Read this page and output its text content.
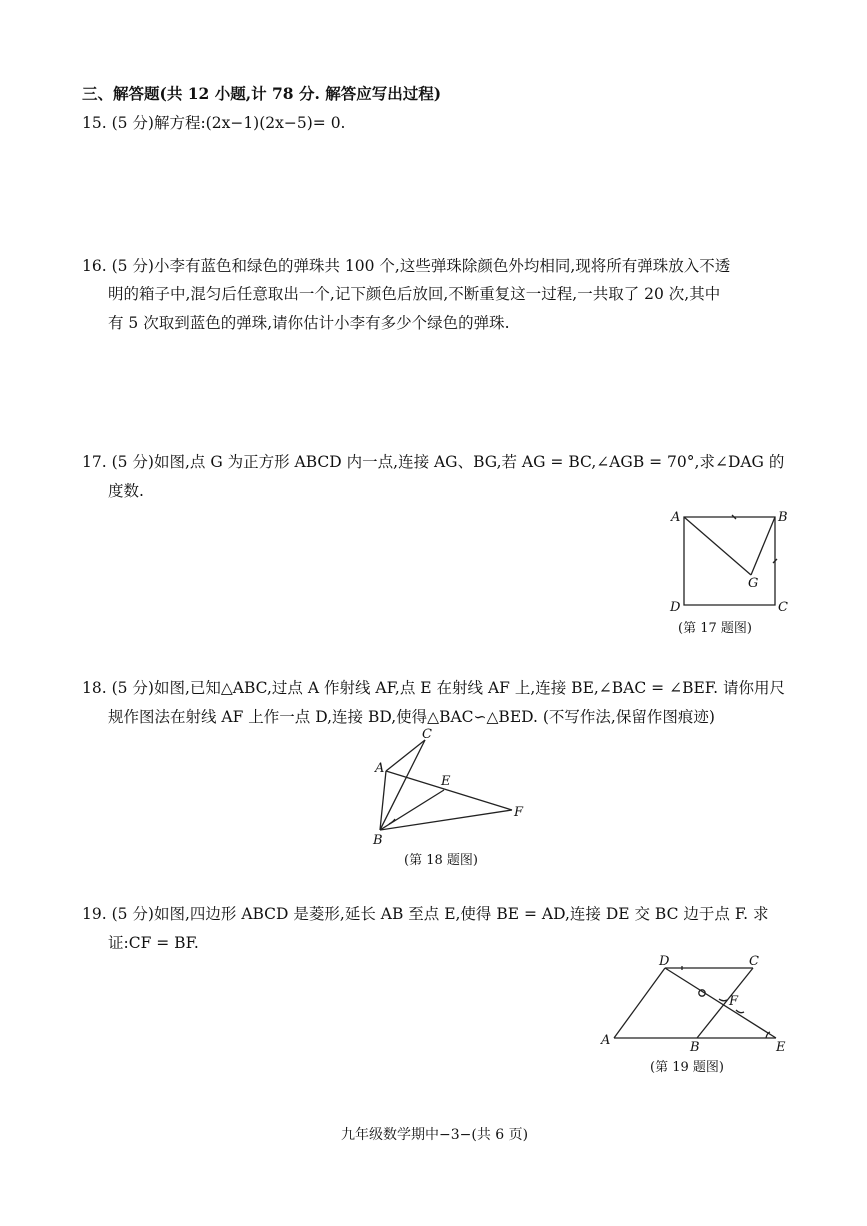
三、解答题(共 12 小题,计 78 分. 解答应写出过程)
15. (5 分)解方程:(2x−1)(2x−5)= 0.
16. (5 分)小李有蓝色和绿色的弹珠共 100 个,这些弹珠除颜色外均相同,现将所有弹珠放入不透
明的箱子中,混匀后任意取出一个,记下颜色后放回,不断重复这一过程,一共取了 20 次,其中
有 5 次取到蓝色的弹珠,请你估计小李有多少个绿色的弹珠.
17. (5 分)如图,点 G 为正方形 ABCD 内一点,连接 AG、BG,若 AG = BC,∠AGB = 70°,求∠DAG 的
度数.
A	B
C
D
G
(第 17 题图)
18. (5 分)如图,已知△ABC,过点 A 作射线 AF,点 E 在射线 AF 上,连接 BE,∠BAC = ∠BEF. 请你用尺
规作图法在射线 AF 上作一点 D,连接 BD,使得△BAC∽△BED. (不写作法,保留作图痕迹)
A
B
C
E
F
(第 18 题图)
19. (5 分)如图,四边形 ABCD 是菱形,延长 AB 至点 E,使得 BE = AD,连接 DE 交 BC 边于点 F. 求
证:CF = BF.
D	C
A	B	E
F
(第 19 题图)
九年级数学期中−3−(共 6 页)
